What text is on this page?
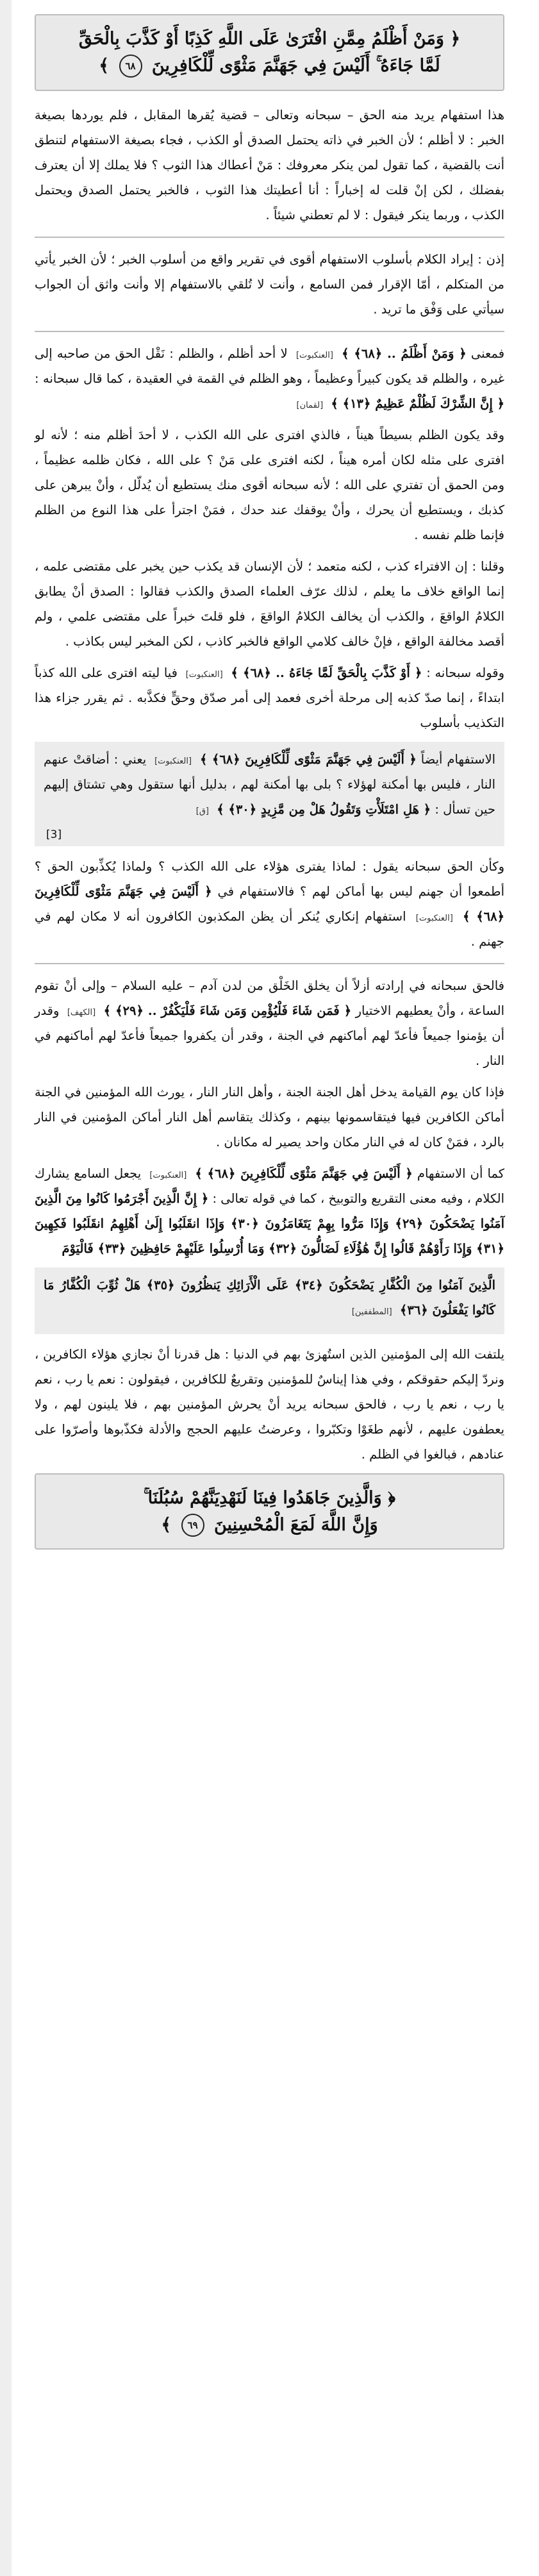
﴿ وَمَنْ أَظْلَمُ مِمَّنِ افْتَرَىٰ عَلَى اللَّهِ كَذِبًا أَوْ كَذَّبَ بِالْحَقِّ
لَمَّا جَاءَهُ ۚ أَلَيْسَ فِي جَهَنَّمَ مَثْوًى لِّلْكَافِرِينَ ٦٨ ﴾

هذا استفهام يريد منه الحق – سبحانه وتعالى – قضية يُقرها المقابل ، فلم يوردها بصيغة الخبر : لا أظلم ؛ لأن الخبر في ذاته يحتمل الصدق أو الكذب ، فجاء بصيغة الاستفهام لتنطق أنت بالقضية ، كما تقول لمن ينكر معروفك : مَنْ أعطاك هذا الثوب ؟ فلا يملك إلا أن يعترف بفضلك ، لكن إنْ قلت له إخباراً : أنا أعطيتك هذا الثوب ، فالخبر يحتمل الصدق ويحتمل الكذب ، وربما ينكر فيقول : لا لم تعطني شيئاً .

إذن : إيراد الكلام بأسلوب الاستفهام أقوى في تقرير واقع من أسلوب الخبر ؛ لأن الخبر يأتي من المتكلم ، أمّا الإقرار فمن السامع ، وأنت لا تُلقي بالاستفهام إلا وأنت واثق أن الجواب سيأتي على وَفْق ما تريد .

فمعنى ﴿ وَمَنْ أَظْلَمُ .. ﴿٦٨﴾ ﴾ [العنكبوت] لا أحد أظلم ، والظلم : نَقْل الحق من صاحبه إلى غيره ، والظلم قد يكون كبيراً وعظيماً ، وهو الظلم في القمة في العقيدة ، كما قال سبحانه : ﴿ إِنَّ الشِّرْكَ لَظُلْمٌ عَظِيمٌ ﴿١٣﴾ ﴾ [لقمان]

وقد يكون الظلم بسيطاً هيناً ، فالذي افترى على الله الكذب ، لا أحدَ أظلم منه ؛ لأنه لو افترى على مثله لكان أمره هيناً ، لكنه افترى على مَنْ ؟ على الله ، فكان ظلمه عظيماً ، ومن الحمق أن تفتري على الله ؛ لأنه سبحانه أقوى منك يستطيع أن يُدلّل ، وأنْ يبرهن على كذبك ، ويستطيع أن يحرك ، وأنْ يوقفك عند حدك ، فمَنْ اجترأ على هذا النوع من الظلم فإنما ظلم نفسه .

وقلنا : إن الافتراء كذب ، لكنه متعمد ؛ لأن الإنسان قد يكذب حين يخبر على مقتضى علمه ، إنما الواقع خلاف ما يعلم ، لذلك عرّف العلماء الصدق والكذب فقالوا : الصدق أنْ يطابق الكلامُ الواقعَ ، والكذب أن يخالف الكلامُ الواقعَ ، فلو قلتَ خبراً على مقتضى علمي ، ولم أقصد مخالفة الواقع ، فإنْ خالف كلامي الواقع فالخبر كاذب ، لكن المخبر ليس بكاذب .

وقوله سبحانه : ﴿ أَوْ كَذَّبَ بِالْحَقِّ لَمَّا جَاءَهُ .. ﴿٦٨﴾ ﴾ [العنكبوت] فيا ليته افترى على الله كذباً ابتداءً ، إنما صدّ كذبه إلى مرحلة أخرى فعمد إلى أمر صدّق وحقٍّ فكذَّبه . ثم يقرر جزاء هذا التكذيب بأسلوب

الاستفهام أيضاً ﴿ أَلَيْسَ فِي جَهَنَّمَ مَثْوًى لِّلْكَافِرِينَ ﴿٦٨﴾ ﴾ [العنكبوت] يعني : أضاقتْ عنهم النار ، فليس بها أمكنة لهؤلاء ؟ بلى بها أمكنة لهم ، بدليل أنها ستقول وهي تشتاق إليهم حين تسأل : ﴿ هَلِ امْتَلَأْتِ وَتَقُولُ هَلْ مِن مَّزِيدٍ ﴿٣٠﴾ ﴾ [ق]

[3]

وكأن الحق سبحانه يقول : لماذا يفترى هؤلاء على الله الكذب ؟ ولماذا يُكذِّبون الحق ؟ أطمعوا أن جهنم ليس بها أماكن لهم ؟ فالاستفهام في ﴿ أَلَيْسَ فِي جَهَنَّمَ مَثْوًى لِّلْكَافِرِينَ ﴿٦٨﴾ ﴾ [العنكبوت] استفهام إنكاري يُنكر أن يظن المكذبون الكافرون أنه لا مكان لهم في جهنم .

فالحق سبحانه في إرادته أزلاً أن يخلق الخَلْق من لدن آدم – عليه السلام – وإلى أنْ تقوم الساعة ، وأنْ يعطيهم الاختيار ﴿ فَمَن شَاءَ فَلْيُؤْمِن وَمَن شَاءَ فَلْيَكْفُرْ .. ﴿٢٩﴾ ﴾ [الكهف] وقدر أن يؤمنوا جميعاً فأعدّ لهم أماكنهم في الجنة ، وقدر أن يكفروا جميعاً فأعدّ لهم أماكنهم في النار .

فإذا كان يوم القيامة يدخل أهل الجنة الجنة ، وأهل النار النار ، يورث الله المؤمنين في الجنة أماكن الكافرين فيها فيتقاسمونها بينهم ، وكذلك يتقاسم أهل النار أماكن المؤمنين في النار بالرد ، فمَنْ كان له في النار مكان واحد يصير له مكانان .

كما أن الاستفهام ﴿ أَلَيْسَ فِي جَهَنَّمَ مَثْوًى لِّلْكَافِرِينَ ﴿٦٨﴾ ﴾ [العنكبوت] يجعل السامع يشارك الكلام ، وفيه معنى التقريع والتوبيخ ، كما في قوله تعالى : ﴿ إِنَّ الَّذِينَ أَجْرَمُوا كَانُوا مِنَ الَّذِينَ آمَنُوا يَضْحَكُونَ ﴿٢٩﴾ وَإِذَا مَرُّوا بِهِمْ يَتَغَامَزُونَ ﴿٣٠﴾ وَإِذَا انقَلَبُوا إِلَىٰ أَهْلِهِمُ انقَلَبُوا فَكِهِينَ ﴿٣١﴾ وَإِذَا رَأَوْهُمْ قَالُوا إِنَّ هَٰؤُلَاءِ لَضَالُّونَ ﴿٣٢﴾ وَمَا أُرْسِلُوا عَلَيْهِمْ حَافِظِينَ ﴿٣٣﴾ فَالْيَوْمَ

الَّذِينَ آمَنُوا مِنَ الْكُفَّارِ يَضْحَكُونَ ﴿٣٤﴾ عَلَى الْأَرَائِكِ يَنظُرُونَ ﴿٣٥﴾ هَلْ ثُوِّبَ الْكُفَّارُ مَا كَانُوا يَفْعَلُونَ ﴿٣٦﴾ [المطففين]

يلتفت الله إلى المؤمنين الذين استُهزئ بهم في الدنيا : هل قدرنا أنْ نجازي هؤلاء الكافرين ، ونردّ إليكم حقوقكم ، وفي هذا إيناسٌ للمؤمنين وتقريعٌ للكافرين ، فيقولون : نعم يا رب ، نعم يا رب ، نعم يا رب ، فالحق سبحانه يريد أنْ يحرش المؤمنين بهم ، فلا يلينون لهم ، ولا يعطفون عليهم ، لأنهم طغَوْا وتكبّروا ، وعرضتُ عليهم الحجج والأدلة فكذّبوها وأصرّوا على عنادهم ، فبالغوا في الظلم .

﴿ وَالَّذِينَ جَاهَدُوا فِينَا لَنَهْدِيَنَّهُمْ سُبُلَنَا ۚ
وَإِنَّ اللَّهَ لَمَعَ الْمُحْسِنِينَ ٦٩ ﴾
